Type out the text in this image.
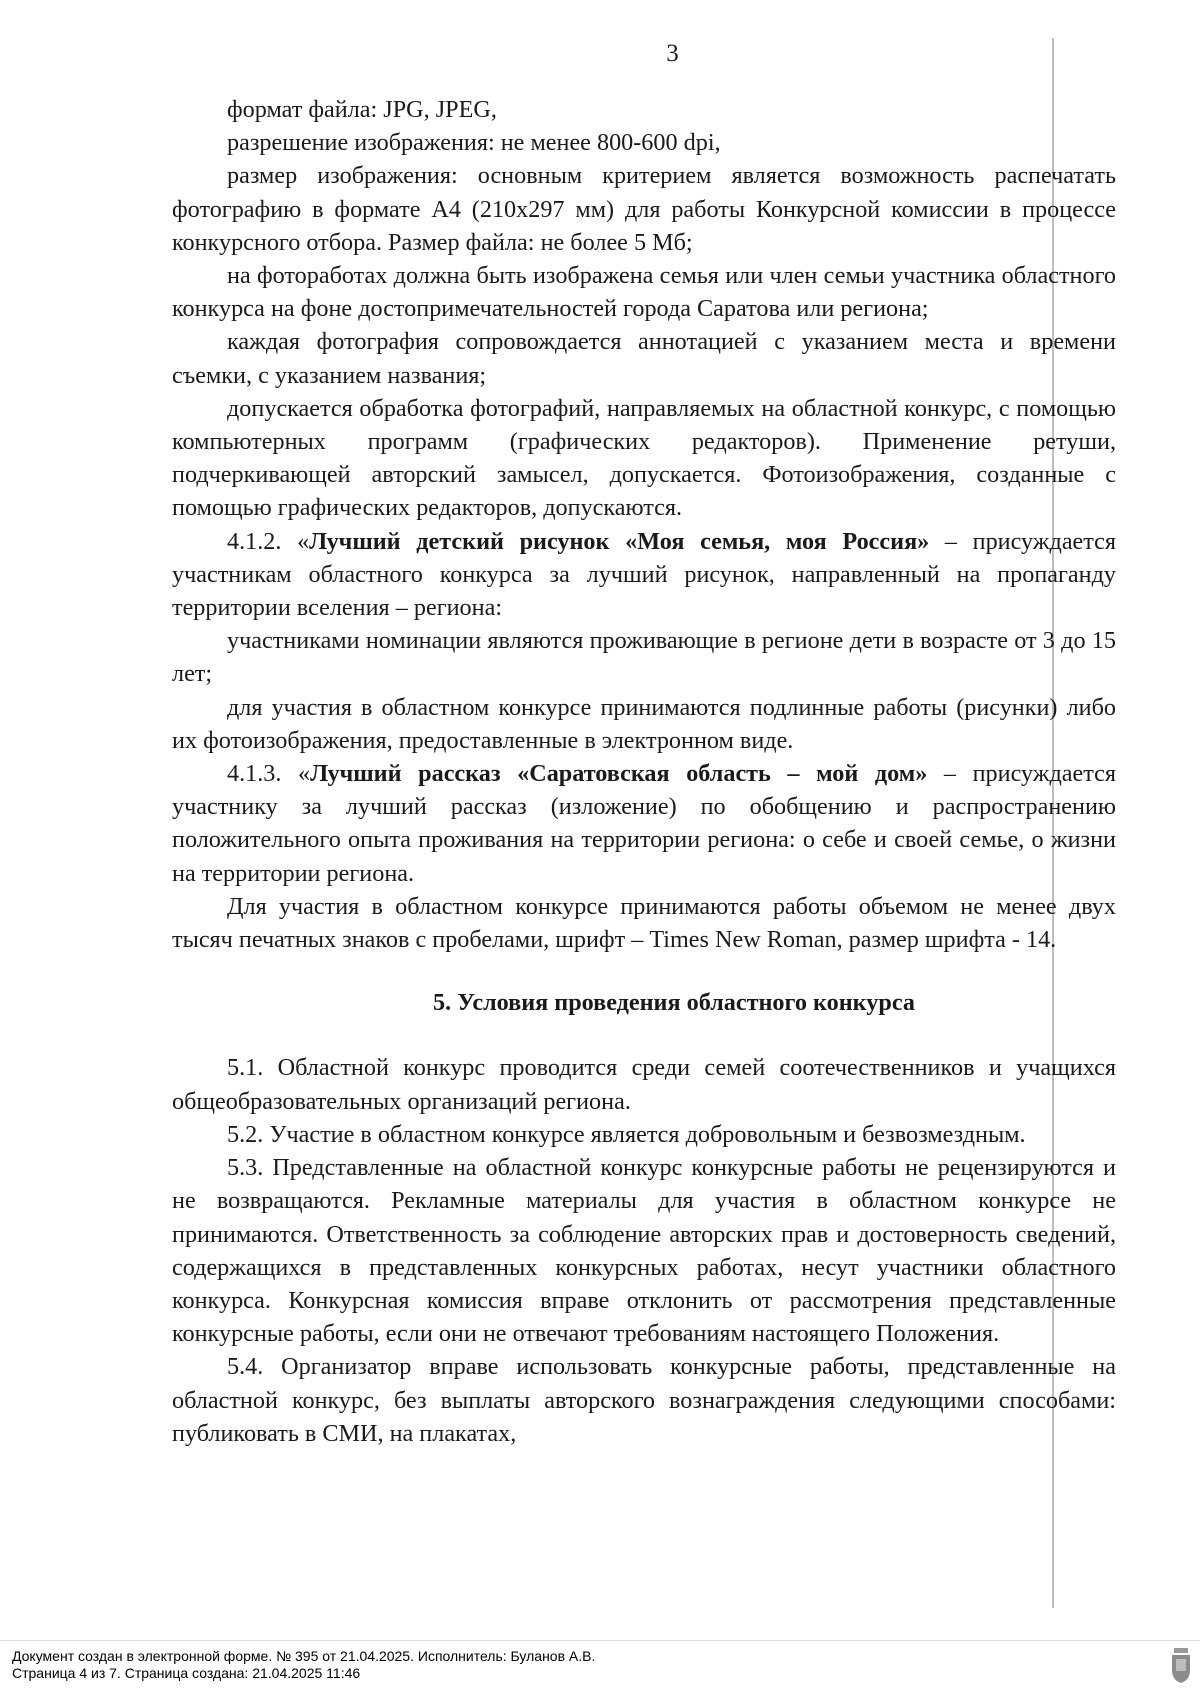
3

формат файла: JPG, JPEG,

разрешение изображения: не менее 800-600 dpi,

размер изображения: основным критерием является возможность распечатать фотографию в формате А4 (210x297 мм) для работы Конкурсной комиссии в процессе конкурсного отбора. Размер файла: не более 5 Мб;

на фотоработах должна быть изображена семья или член семьи участника областного конкурса на фоне достопримечательностей города Саратова или региона;

каждая фотография сопровождается аннотацией с указанием места и времени съемки, с указанием названия;

допускается обработка фотографий, направляемых на областной конкурс, с помощью компьютерных программ (графических редакторов). Применение ретуши, подчеркивающей авторский замысел, допускается. Фотоизображения, созданные с помощью графических редакторов, допускаются.

4.1.2. «Лучший детский рисунок «Моя семья, моя Россия» – присуждается участникам областного конкурса за лучший рисунок, направленный на пропаганду территории вселения – региона:

участниками номинации являются проживающие в регионе дети в возрасте от 3 до 15 лет;

для участия в областном конкурсе принимаются подлинные работы (рисунки) либо их фотоизображения, предоставленные в электронном виде.

4.1.3. «Лучший рассказ «Саратовская область – мой дом» – присуждается участнику за лучший рассказ (изложение) по обобщению и распространению положительного опыта проживания на территории региона: о себе и своей семье, о жизни на территории региона.

Для участия в областном конкурсе принимаются работы объемом не менее двух тысяч печатных знаков с пробелами, шрифт – Times New Roman, размер шрифта - 14.

5. Условия проведения областного конкурса

5.1. Областной конкурс проводится среди семей соотечественников и учащихся общеобразовательных организаций региона.

5.2. Участие в областном конкурсе является добровольным и безвозмездным.

5.3. Представленные на областной конкурс конкурсные работы не рецензируются и не возвращаются. Рекламные материалы для участия в областном конкурсе не принимаются. Ответственность за соблюдение авторских прав и достоверность сведений, содержащихся в представленных конкурсных работах, несут участники областного конкурса. Конкурсная комиссия вправе отклонить от рассмотрения представленные конкурсные работы, если они не отвечают требованиям настоящего Положения.

5.4. Организатор вправе использовать конкурсные работы, представленные на областной конкурс, без выплаты авторского вознаграждения следующими способами: публиковать в СМИ, на плакатах,

Документ создан в электронной форме. № 395 от 21.04.2025. Исполнитель: Буланов А.В.
Страница 4 из 7. Страница создана: 21.04.2025 11:46
